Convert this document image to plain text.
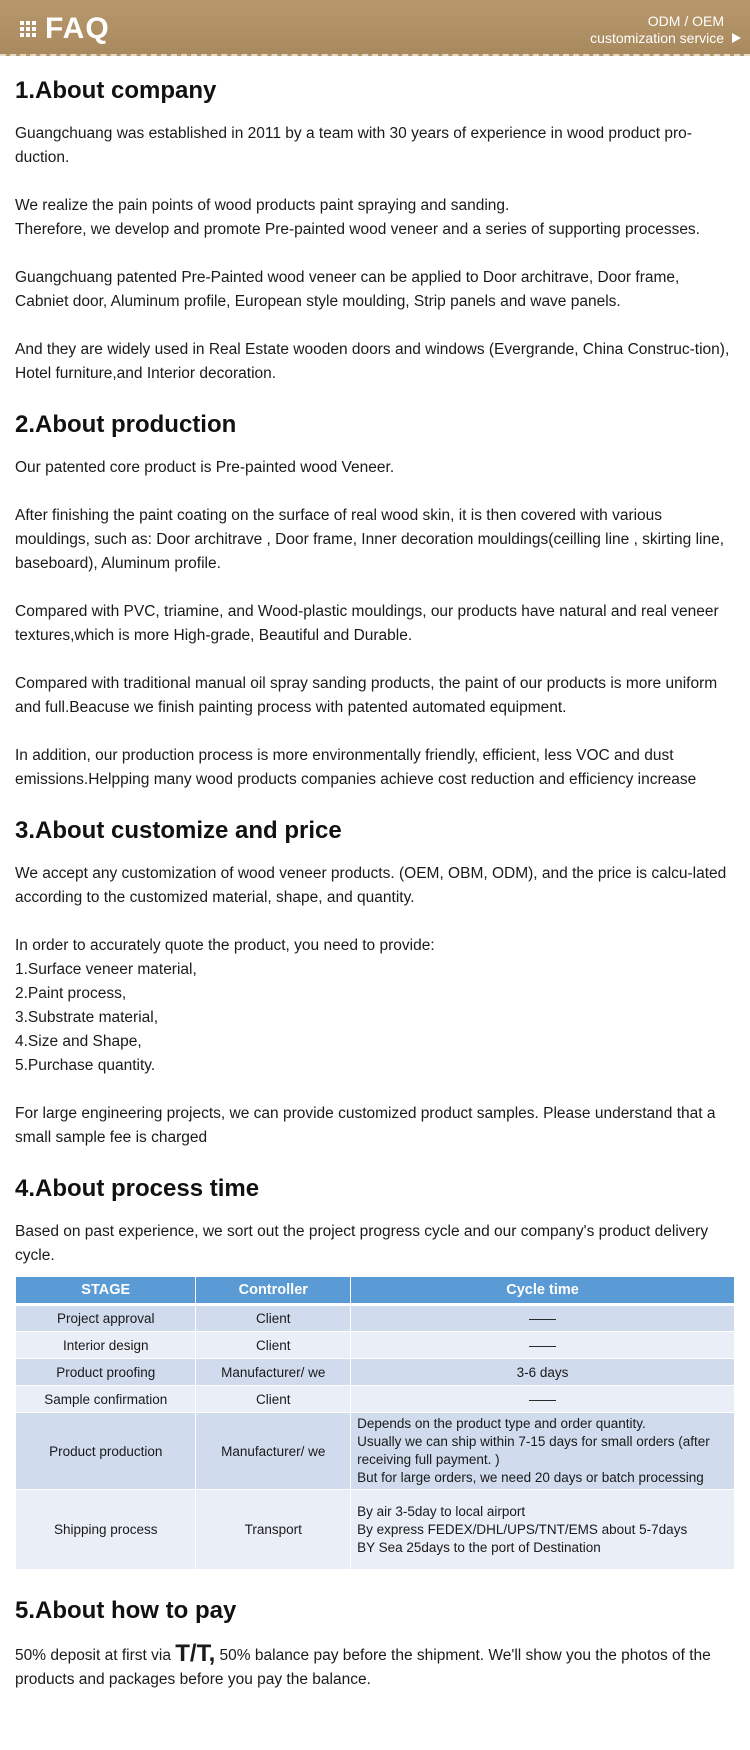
FAQ	ODM / OEM
customization service
1.About company

Guangchuang was established in 2011 by a team with 30 years of experience in wood product pro-duction.

We realize the pain points of wood products paint spraying and sanding.
Therefore, we develop and promote Pre-painted wood veneer and a series of supporting processes.

Guangchuang patented Pre-Painted wood veneer can be applied to Door architrave, Door frame, Cabniet door, Aluminum profile, European style moulding, Strip panels and wave panels.

And they are widely used in Real Estate wooden doors and windows (Evergrande, China Construc-tion), Hotel furniture,and Interior decoration.

2.About production

Our patented core product is Pre-painted wood Veneer.

After finishing the paint coating on the surface of real wood skin, it is then covered with various mouldings, such as: Door architrave , Door frame, Inner decoration mouldings(ceilling line , skirting line, baseboard), Aluminum profile.

Compared with PVC, triamine, and Wood-plastic mouldings, our products have natural and real veneer textures,which is more High-grade, Beautiful and Durable.

Compared with traditional manual oil spray sanding products, the paint of our products is more uniform and full.Beacuse we finish painting process with patented automated equipment.

In addition, our production process is more environmentally friendly, efficient, less VOC and dust emissions.Helpping many wood products companies achieve cost reduction and efficiency increase

3.About customize and price

We accept any customization of wood veneer products. (OEM, OBM, ODM), and the price is calcu-lated according to the customized material, shape, and quantity.

In order to accurately quote the product, you need to provide:

1.Surface veneer material,
2.Paint process,
3.Substrate material,
4.Size and Shape,
5.Purchase quantity.

For large engineering projects, we can provide customized product samples. Please understand that a small sample fee is charged

4.About process time

Based on past experience, we sort out the project progress cycle and our company's product delivery cycle.

STAGE	Controller	Cycle time
Project approval	Client	——
Interior design	Client	——
Product proofing	Manufacturer/ we	3-6 days
Sample confirmation	Client	——
Product production	Manufacturer/ we	Depends on the product type and order quantity.
Usually we can ship within 7-15 days for small orders (after
receiving full payment. )
But for large orders, we need 20 days or batch processing

Shipping process	Transport	By air 3-5day to local airport
By express FEDEX/DHL/UPS/TNT/EMS about 5-7days
BY Sea 25days to the port of Destination
5.About how to pay

50% deposit at first via T/T, 50% balance pay before the shipment. We'll show you the photos of the products and packages before you pay the balance.
